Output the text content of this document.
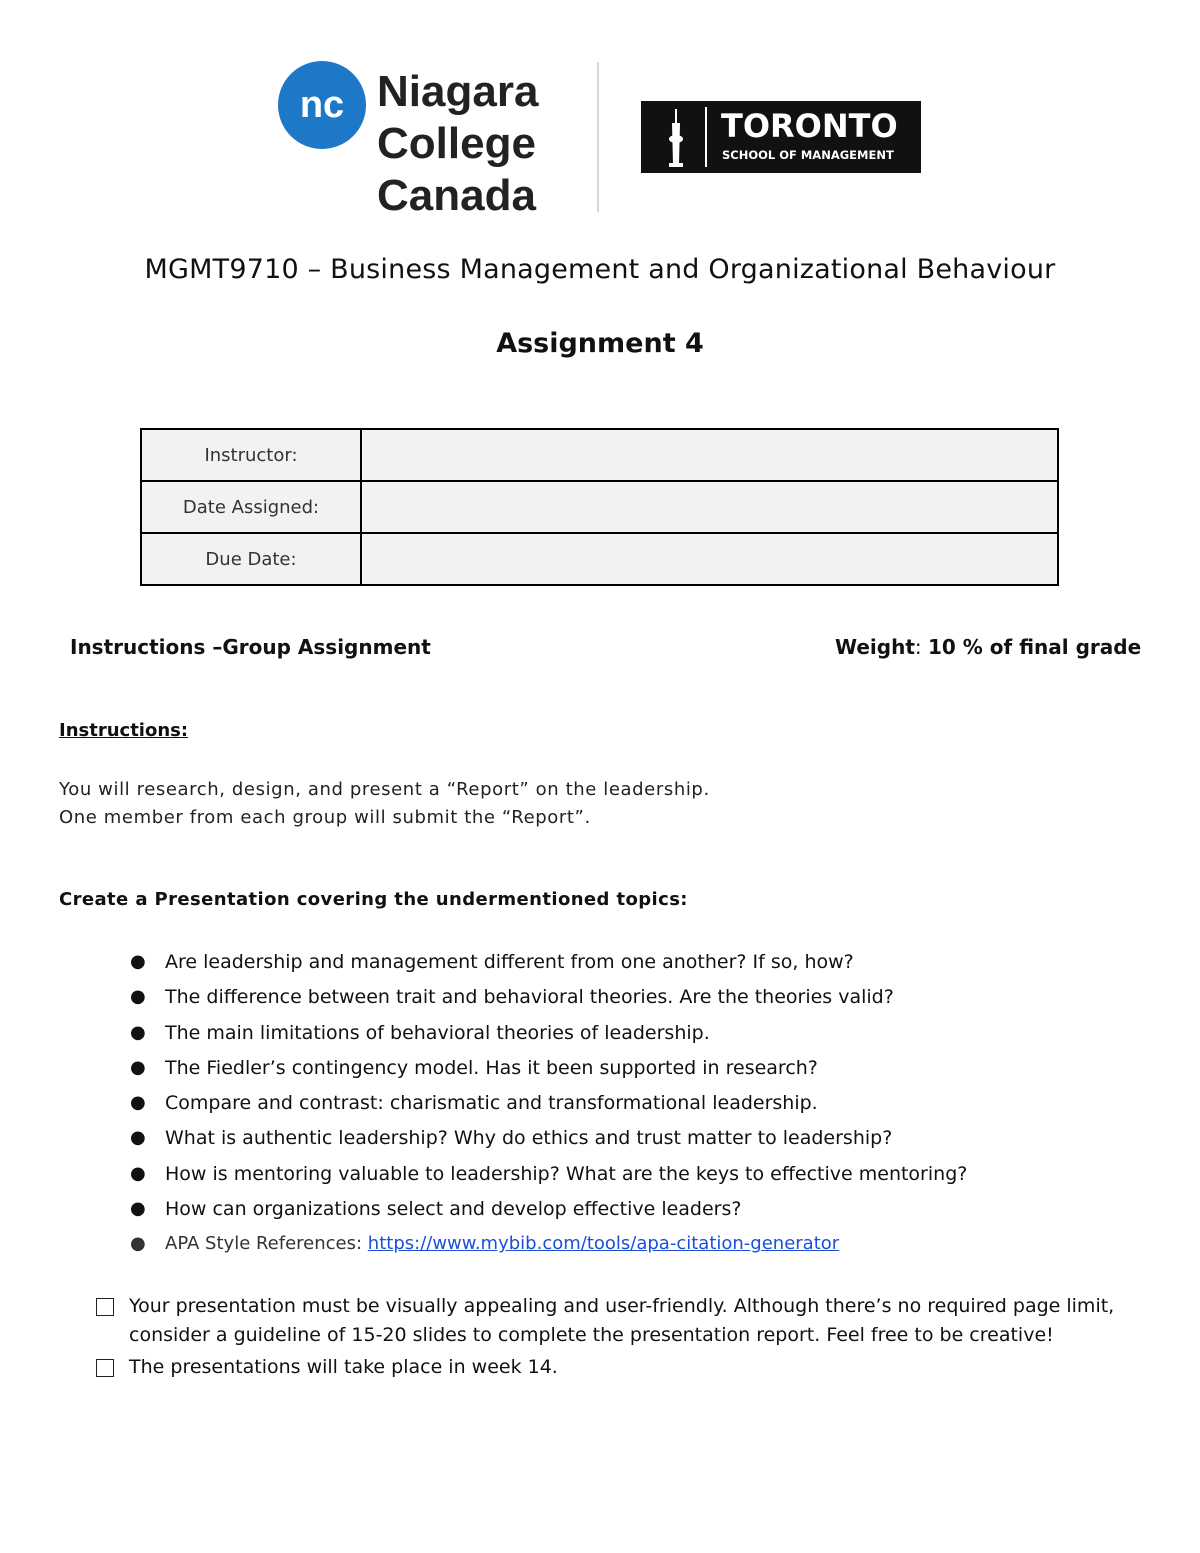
nc Niagara
College
Canada
TORONTO
SCHOOL OF MANAGEMENT
MGMT9710 – Business Management and Organizational Behaviour
Assignment 4
Instructor:	
Date Assigned:	
Due Date:	
Instructions –Group Assignment	Weight: 10 % of final grade
Instructions:
You will research, design, and present a “Report” on the leadership.
One member from each group will submit the “Report”.
Create a Presentation covering the undermentioned topics:
● Are leadership and management different from one another? If so, how?
● The difference between trait and behavioral theories. Are the theories valid?
● The main limitations of behavioral theories of leadership.
● The Fiedler’s contingency model. Has it been supported in research?
● Compare and contrast: charismatic and transformational leadership.
● What is authentic leadership? Why do ethics and trust matter to leadership?
● How is mentoring valuable to leadership? What are the keys to effective mentoring?
● How can organizations select and develop effective leaders?
● APA Style References: https://www.mybib.com/tools/apa-citation-generator
Your presentation must be visually appealing and user-friendly. Although there’s no required page limit, consider a guideline of 15-20 slides to complete the presentation report. Feel free to be creative!
The presentations will take place in week 14.
